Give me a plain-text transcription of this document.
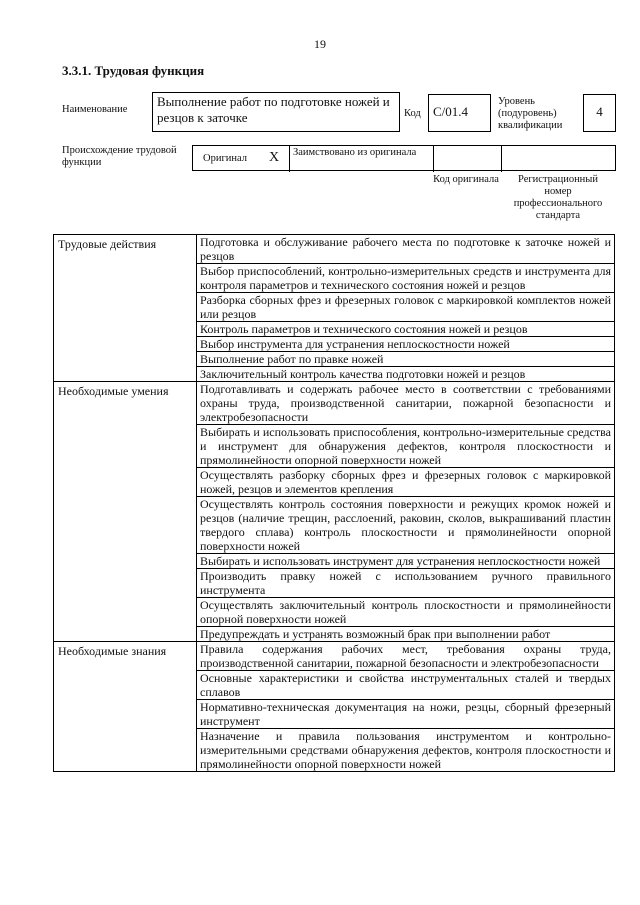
19
3.3.1. Трудовая функция
Наименование
Выполнение работ по подготовке ножей и резцов к заточке	Код C/01.4
Уровень (подуровень) квалификации
4
Происхождение трудовой функции	Оригинал X Заимствовано из оригинала
Код оригинала	Регистрационный номер профессионального стандарта
Трудовые действия	Подготовка и обслуживание рабочего места по подготовке к заточке ножей и резцов
	Выбор приспособлений, контрольно-измерительных средств и инструмента для контроля параметров и технического состояния ножей и резцов
	Разборка сборных фрез и фрезерных головок с маркировкой комплектов ножей или резцов
	Контроль параметров и технического состояния ножей и резцов
	Выбор инструмента для устранения неплоскостности ножей
	Выполнение работ по правке ножей
	Заключительный контроль качества подготовки ножей и резцов
Необходимые умения	Подготавливать и содержать рабочее место в соответствии с требованиями охраны труда, производственной санитарии, пожарной безопасности и электробезопасности
	Выбирать и использовать приспособления, контрольно-измерительные средства и инструмент для обнаружения дефектов, контроля плоскостности и прямолинейности опорной поверхности ножей
	Осуществлять разборку сборных фрез и фрезерных головок с маркировкой ножей, резцов и элементов крепления
	Осуществлять контроль состояния поверхности и режущих кромок ножей и резцов (наличие трещин, расслоений, раковин, сколов, выкрашиваний пластин твердого сплава) контроль плоскостности и прямолинейности опорной поверхности ножей
	Выбирать и использовать инструмент для устранения неплоскостности ножей
	Производить правку ножей с использованием ручного правильного инструмента
	Осуществлять заключительный контроль плоскостности и прямолинейности опорной поверхности ножей
	Предупреждать и устранять возможный брак при выполнении работ
Необходимые знания	Правила содержания рабочих мест, требования охраны труда, производственной санитарии, пожарной безопасности и электробезопасности
	Основные характеристики и свойства инструментальных сталей и твердых сплавов
	Нормативно-техническая документация на ножи, резцы, сборный фрезерный инструмент
	Назначение и правила пользования инструментом и контрольно-измерительными средствами обнаружения дефектов, контроля плоскостности и прямолинейности опорной поверхности ножей
